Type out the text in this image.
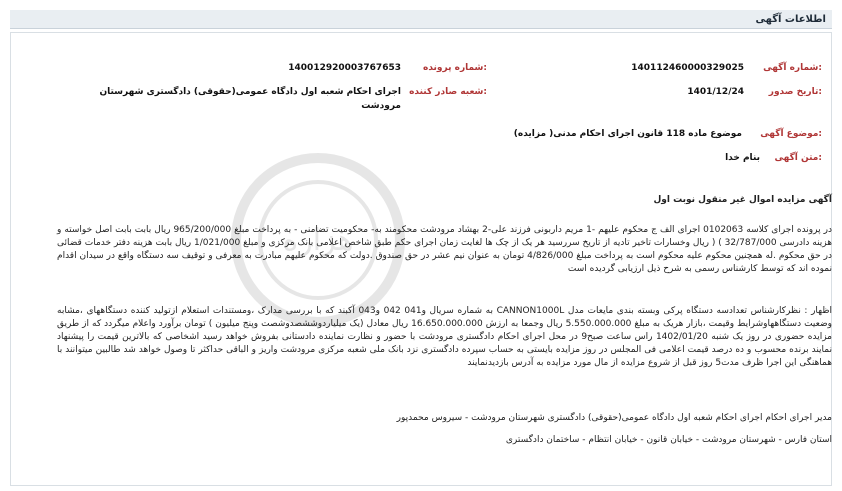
اطلاعات آگهی
هزاره
شماره آگهی:
140112460000329025
شماره پرونده:
140012920003767653
تاریخ صدور:
1401/12/24
شعبه صادر کننده:
اجرای احکام شعبه اول دادگاه عمومی(حقوقی) دادگستری شهرستان
مرودشت
موضوع آگهی:
موضوع ماده 118 قانون اجرای احکام مدنی( مزایده)
متن آگهی:
بنام خدا
آگهی مزایده اموال غیر منقول نوبت اول
در پرونده اجرای کلاسه 0102063 اجرای الف ج محکوم علیهم -1 مریم داربونی فرزند علی-2 بهشاد مرودشت محکومند به- محکومیت تضامنی - به پرداخت مبلغ 965/200/000 ریال بابت بابت اصل خواسته و هزینه دادرسی 32/787/000 ) ( ریال وخسارات تاخیر تادیه از تاریخ سررسید هر یک از چک ها لغایت زمان اجرای حکم طبق شاخص اعلامی بانک مرکزی و مبلغ 1/021/000 ریال بابت هزینه دفتر خدمات قضائی در حق محکوم .له همچنین محکوم علیه محکوم است به پرداخت مبلغ 4/826/000 تومان به عنوان نیم عشر در حق صندوق .دولت که محکوم علیهم مبادرت به معرفی و توقیف سه دستگاه واقع در سیدان اقدام نموده اند که توسط کارشناس رسمی به شرح ذیل ارزیابی گردیده است
اظهار : نظرکارشناس تعدادسه دستگاه پرکی وبسته بندی مایعات مدل CANNON1000L به شماره سریال و041 042 و043 آکبند که با بررسی مدارک ،ومستندات استعلام ازتولید کننده دستگاههای ،مشابه وضعیت دستگاههاوشرایط وقیمت ،بازار هریک به مبلغ 5.550.000.000 ریال وجمعا به ارزش 16.650.000.000 ریال معادل (یک میلیاردوششصدوشصت وپنج میلیون ) تومان برآورد واعلام میگردد که از طریق مزایده حضوری در روز یک شنبه 1402/01/20 راس ساعت صبح9 در محل اجرای احکام دادگستری مرودشت با حضور و نظارت نماینده دادستانی بفروش خواهد رسید اشخاصی که بالاترین قیمت را پیشنهاد نمایند برنده محسوب و ده درصد قیمت اعلامی فی المجلس در روز مزایده بایستی به حساب سپرده دادگستری نزد بانک ملی شعبه مرکزی مرودشت واریز و الباقی حداکثر تا وصول خواهد شد طالبین میتوانند با هماهنگی این اجرا ظرف مدت5 روز قبل از شروع مزایده از مال مورد مزایده به آدرس بازدیدنمایند
مدیر اجرای احکام اجرای احکام شعبه اول دادگاه عمومی(حقوقی) دادگستری شهرستان مرودشت - سیروس محمدپور
استان فارس - شهرستان مرودشت - خیابان قانون - خیابان انتظام - ساختمان دادگستری
